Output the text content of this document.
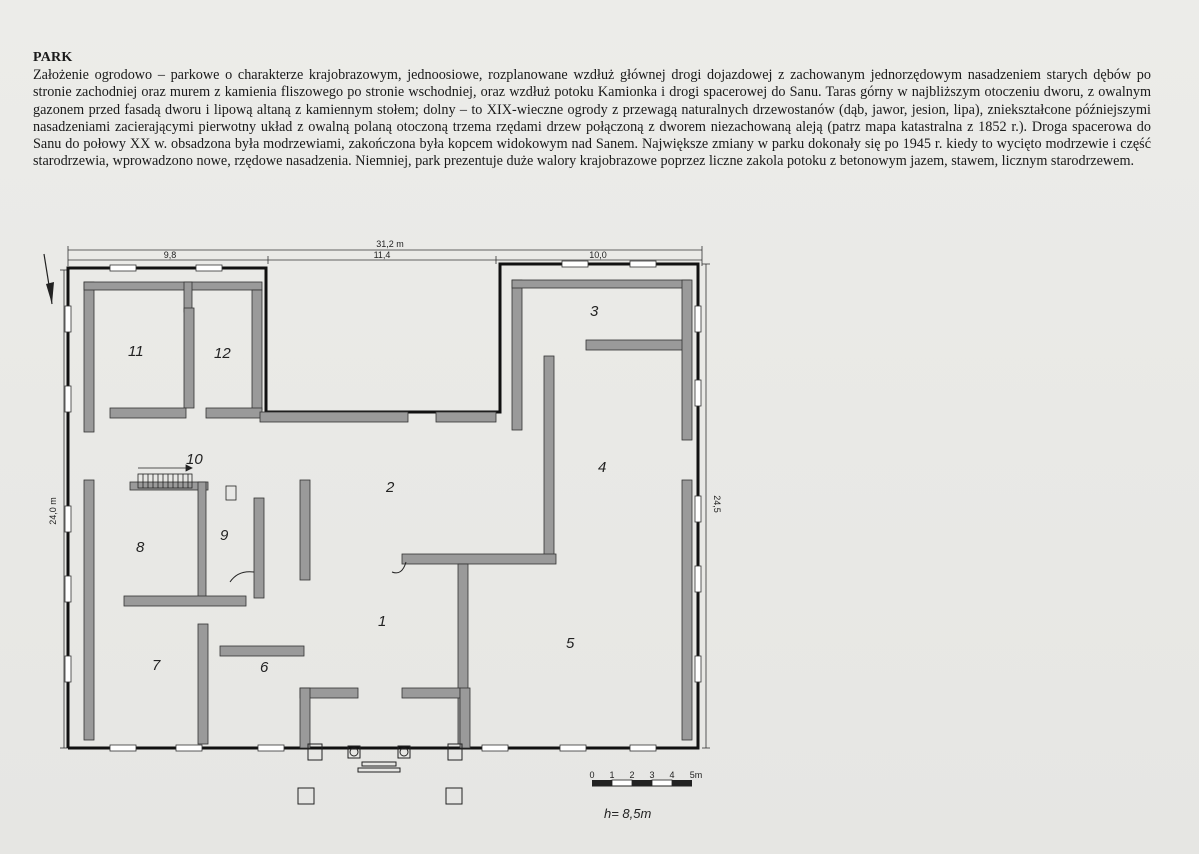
PARK
Założenie ogrodowo – parkowe o charakterze krajobrazowym, jednoosiowe, rozplanowane wzdłuż głównej drogi dojazdowej z zachowanym jednorzędowym nasadzeniem starych dębów po stronie zachodniej oraz murem z kamienia fliszowego po stronie wschodniej, oraz wzdłuż potoku Kamionka i drogi spacerowej do Sanu. Taras górny w najbliższym otoczeniu dworu, z owalnym gazonem przed fasadą dworu i lipową altaną z kamiennym stołem; dolny – to XIX-wieczne ogrody z przewagą naturalnych drzewostanów (dąb, jawor, jesion, lipa), zniekształcone późniejszymi nasadzeniami zacierającymi pierwotny układ z owalną polaną otoczoną trzema rzędami drzew połączoną z dworem niezachowaną aleją (patrz mapa katastralna z 1852 r.). Droga spacerowa do Sanu do połowy XX w. obsadzona była modrzewiami, zakończona była kopcem widokowym nad Sanem. Największe zmiany w parku dokonały się po 1945 r. kiedy to wycięto modrzewie i część starodrzewia, wprowadzono nowe, rzędowe nasadzenia. Niemniej, park prezentuje duże walory krajobrazowe poprzez liczne zakola potoku z betonowym jazem, stawem, licznym starodrzewem.
31,2 m
9,8	11,4	10,0
24,0 m	24,5
1
2
3
4
5
6
7
8
9
10
11	12
0 1 2 3 4 5m
h= 8,5m
